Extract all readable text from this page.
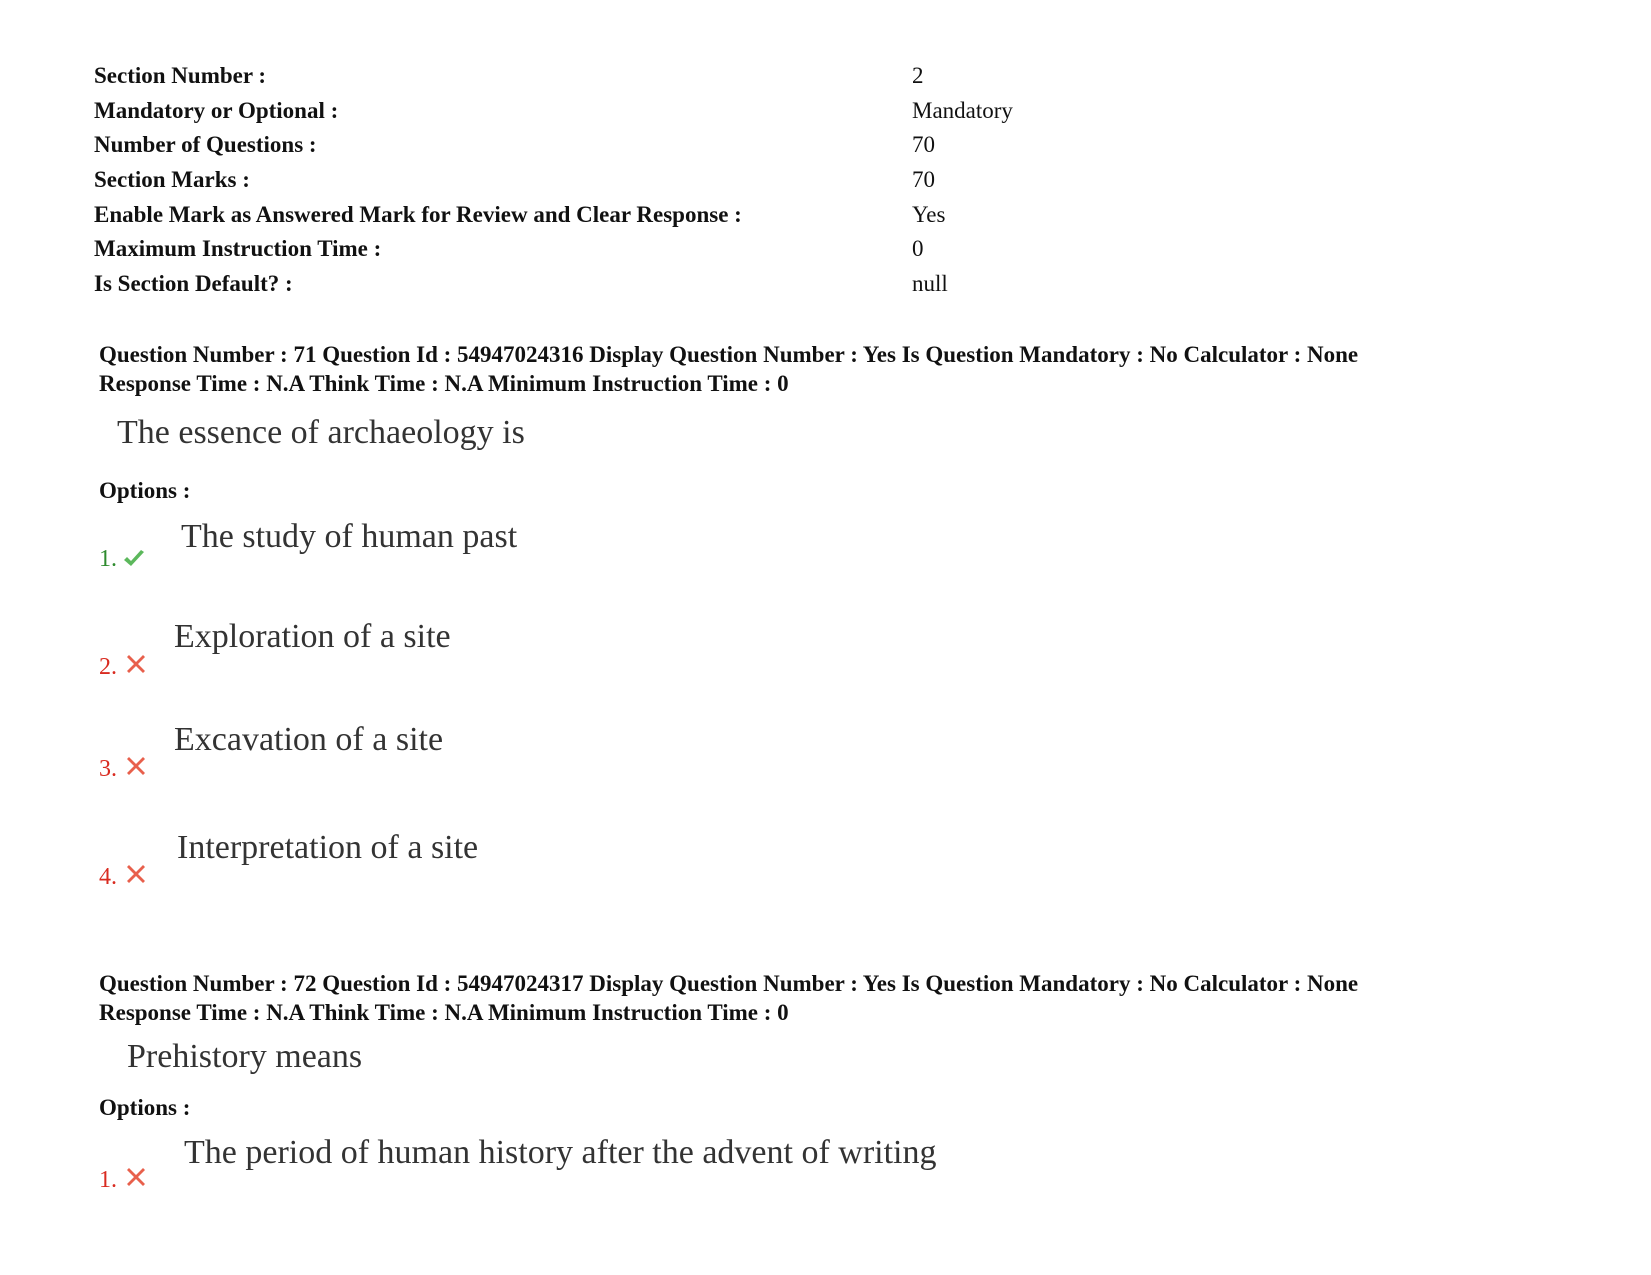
Section Number :	2
Mandatory or Optional :	Mandatory
Number of Questions :	70
Section Marks :	70
Enable Mark as Answered Mark for Review and Clear Response :	Yes
Maximum Instruction Time :	0
Is Section Default? :	null
Question Number : 71 Question Id : 54947024316 Display Question Number : Yes Is Question Mandatory : No Calculator : None
Response Time : N.A Think Time : N.A Minimum Instruction Time : 0
The essence of archaeology is
Options :
1.
The study of human past
2.
Exploration of a site
3.
Excavation of a site
4.
Interpretation of a site
Question Number : 72 Question Id : 54947024317 Display Question Number : Yes Is Question Mandatory : No Calculator : None
Response Time : N.A Think Time : N.A Minimum Instruction Time : 0
Prehistory means
Options :
1.
The period of human history after the advent of writing
